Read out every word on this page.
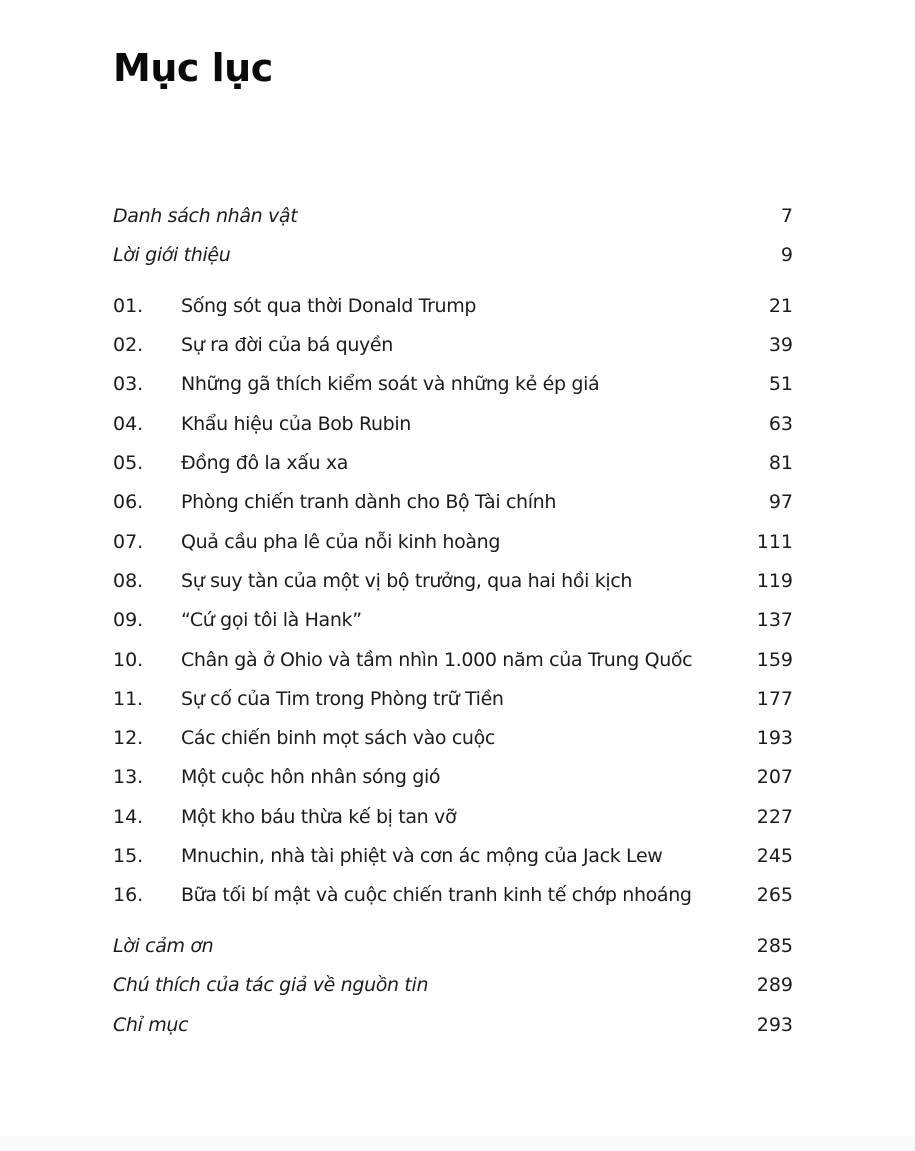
Mục lục
Danh sách nhân vật	7
Lời giới thiệu	9
01. Sống sót qua thời Donald Trump	21
02. Sự ra đời của bá quyền	39
03. Những gã thích kiểm soát và những kẻ ép giá	51
04. Khẩu hiệu của Bob Rubin	63
05. Đồng đô la xấu xa	81
06. Phòng chiến tranh dành cho Bộ Tài chính	97
07. Quả cầu pha lê của nỗi kinh hoàng	111
08. Sự suy tàn của một vị bộ trưởng, qua hai hồi kịch	119
09. “Cứ gọi tôi là Hank”	137
10. Chân gà ở Ohio và tầm nhìn 1.000 năm của Trung Quốc	159
11. Sự cố của Tim trong Phòng trữ Tiền	177
12. Các chiến binh mọt sách vào cuộc	193
13. Một cuộc hôn nhân sóng gió	207
14. Một kho báu thừa kế bị tan vỡ	227
15. Mnuchin, nhà tài phiệt và cơn ác mộng của Jack Lew	245
16. Bữa tối bí mật và cuộc chiến tranh kinh tế chớp nhoáng	265
Lời cảm ơn	285
Chú thích của tác giả về nguồn tin	289
Chỉ mục	293
